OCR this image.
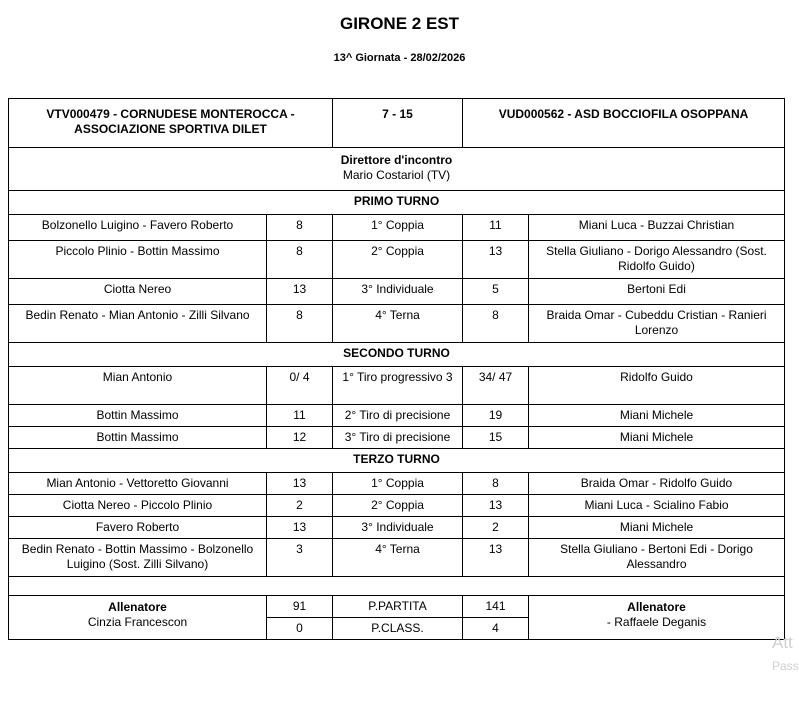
GIRONE 2 EST
13^ Giornata - 28/02/2026
VTV000479 - CORNUDESE MONTEROCCA -
ASSOCIAZIONE SPORTIVA DILET		7 - 15	VUD000562 - ASD BOCCIOFILA OSOPPANA	
Direttore d'incontro
Mario Costariol (TV)				
PRIMO TURNO				
Bolzonello Luigino - Favero Roberto	8	1° Coppia	11	Miani Luca - Buzzai Christian
Piccolo Plinio - Bottin Massimo	8	2° Coppia	13	Stella Giuliano - Dorigo Alessandro (Sost. Ridolfo Guido)
Ciotta Nereo	13	3° Individuale	5	Bertoni Edi
Bedin Renato - Mian Antonio - Zilli Silvano	8	4° Terna	8	Braida Omar - Cubeddu Cristian - Ranieri Lorenzo
SECONDO TURNO				
Mian Antonio	0/ 4	1° Tiro progressivo 3	34/ 47	Ridolfo Guido
Bottin Massimo	11	2° Tiro di precisione	19	Miani Michele
Bottin Massimo	12	3° Tiro di precisione	15	Miani Michele
TERZO TURNO				
Mian Antonio - Vettoretto Giovanni	13	1° Coppia	8	Braida Omar - Ridolfo Guido
Ciotta Nereo - Piccolo Plinio	2	2° Coppia	13	Miani Luca - Scialino Fabio
Favero Roberto	13	3° Individuale	2	Miani Michele
Bedin Renato - Bottin Massimo - Bolzonello Luigino (Sost. Zilli Silvano)	3	4° Terna	13	Stella Giuliano - Bertoni Edi - Dorigo Alessandro

Allenatore
Cinzia Francescon	91	P.PARTITA	141	Allenatore
- Raffaele Deganis
	0	P.CLASS.	4	
Att
Pass
